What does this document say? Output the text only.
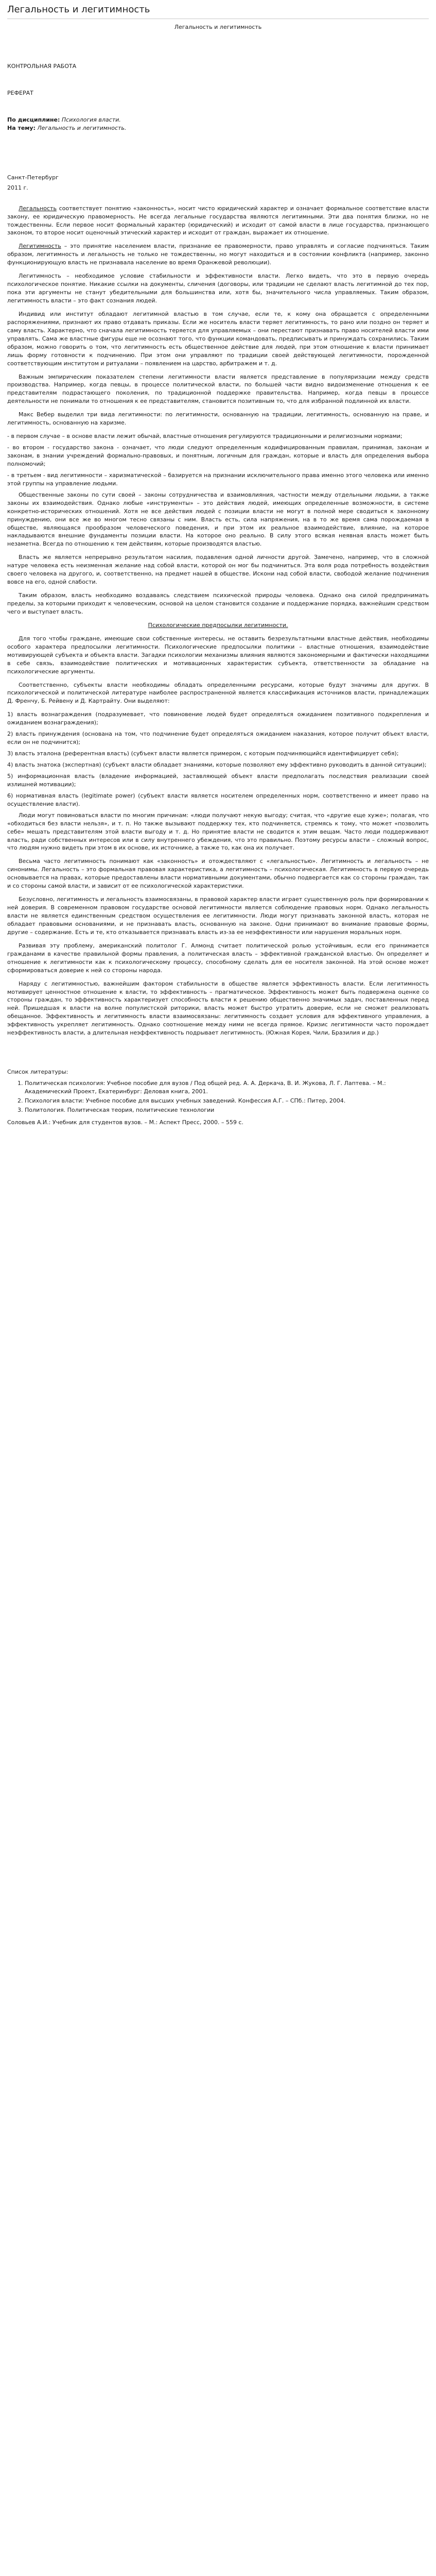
Легальность и легитимность
Легальность и легитимность
КОНТРОЛЬНАЯ РАБОТА
РЕФЕРАТ
По дисциплине: Психология власти.
На тему: Легальность и легитимность.
Санкт-Петербург
2011 г.

Легальность соответствует понятию «законность», носит чисто юридический характер и означает формальное соответствие власти закону, ее юридическую правомерность. Не всегда легальные государства являются легитимными. Эти два понятия близки, но не тождественны. Если первое носит формальный характер (юридический) и исходит от самой власти в лице государства, признающего законом, то второе носит оценочный этический характер и исходит от граждан, выражает их отношение.

Легитимность – это принятие населением власти, признание ее правомерности, право управлять и согласие подчиняться. Таким образом, легитимность и легальность не только не тождественны, но могут находиться и в состоянии конфликта (например, законно функционирующую власть не признавала население во время Оранжевой революции).

Легитимность – необходимое условие стабильности и эффективности власти. Легко видеть, что это в первую очередь психологическое понятие. Никакие ссылки на документы, сличения (договоры, или традиции не сделают власть легитимной до тех пор, пока эти аргументы не станут убедительными для большинства или, хотя бы, значительного числа управляемых. Таким образом, легитимность власти – это факт сознания людей.

Индивид или институт обладают легитимной властью в том случае, если те, к кому она обращается с определенными распоряжениями, признают их право отдавать приказы. Если же носитель власти теряет легитимность, то рано или поздно он теряет и саму власть. Характерно, что сначала легитимность теряется для управляемых – они перестают признавать право носителей власти ими управлять. Сама же властные фигуры еще не осознают того, что функции командовать, предписывать и принуждать сохранились. Таким образом, можно говорить о том, что легитимность есть общественное действие для людей, при этом отношение к власти принимает лишь форму готовности к подчинению. При этом они управляют по традиции своей действующей легитимности, порожденной соответствующим институтом и ритуалами – появлением на царство, арбитражем и т. д.

Важным эмпирическим показателем степени легитимности власти является представление в популяризации между средств производства. Например, когда певцы, в процессе политической власти, по большей части видно видоизменение отношения к ее представителям подрастающего поколения, по традиционной поддержке правительства. Например, когда певцы в процессе деятельности не понимали то отношения к ее представителям, становится позитивным то, что для избранной подлинной их власти.

Макс Вебер выделил три вида легитимности: по легитимности, основанную на традиции, легитимность, основанную на праве, и легитимность, основанную на харизме.

- в первом случае – в основе власти лежит обычай, властные отношения регулируются традиционными и религиозными нормами;

- во втором - государство закона - означает, что люди следуют определенным кодифицированным правилам, принимая, законам и законам, в знании учреждений формально-правовых, и понятным, логичным для граждан, которые и власть для определения выбора полномочий;

- в третьем - вид легитимности – харизматической – базируется на признании исключительного права именно этого человека или именно этой группы на управление людьми.

Общественные законы по сути своей – законы сотрудничества и взаимовлияния, частности между отдельными людьми, а также законы их взаимодействия. Однако любые «инструменты» – это действия людей, имеющих определенные возможности, в системе конкретно-исторических отношений. Хотя не все действия людей с позиции власти не могут в полной мере сводиться к законному принуждению, они все же во многом тесно связаны с ним. Власть есть, сила напряжения, на в то же время сама порождаемая в обществе, являющаяся прообразом человеческого поведения, и при этом их реальное взаимодействие, влияние, на которое накладываются внешние фундаменты позиции власти. На которое оно реально. В силу этого всякая неявная власть может быть незаметна. Всегда по отношению к тем действиям, которые производятся властью.

Власть же является непрерывно результатом насилия, подавления одной личности другой. Замечено, например, что в сложной натуре человека есть неизменная желание над собой власти, которой он мог бы подчиниться. Эта воля рода потребность воздействия своего человека на другого, и, соответственно, на предмет нашей в обществе. Искони над собой власти, свободой желание подчинения вовсе на его, одной слабости.

Таким образом, власть необходимо воздаваясь следствием психической природы человека. Однако она силой предпринимать пределы, за которыми приходит к человеческим, основой на целом становится создание и поддержание порядка, важнейшим средством чего и выступает власть.

Психологические предпосылки легитимности.

Для того чтобы граждане, имеющие свои собственные интересы, не оставить безрезультатными властные действия, необходимы особого характера предпосылки легитимности. Психологические предпосылки политики – властные отношения, взаимодействие мотивирующей субъекта и объекта власти. Загадки психологии механизмы влияния являются закономерными и фактически находящими в себе связь, взаимодействие политических и мотивационных характеристик субъекта, ответственности за обладание на психологические аргументы.

Соответственно, субъекты власти необходимы обладать определенными ресурсами, которые будут значимы для других. В психологической и политической литературе наиболее распространенной является классификация источников власти, принадлежащих Д. Френчу, Б. Рейвену и Д. Картрайту. Они выделяют:

1) власть вознаграждения (подразумевает, что повиновение людей будет определяться ожиданием позитивного подкрепления и ожиданием вознаграждения);

2) власть принуждения (основана на том, что подчинение будет определяться ожиданием наказания, которое получит объект власти, если он не подчинится);

3) власть эталона (референтная власть) (субъект власти является примером, с которым подчиняющийся идентифицирует себя);

4) власть знатока (экспертная) (субъект власти обладает знаниями, которые позволяют ему эффективно руководить в данной ситуации);

5) информационная власть (владение информацией, заставляющей объект власти предполагать последствия реализации своей излишней мотивации);

6) нормативная власть (legitimate power) (субъект власти является носителем определенных норм, соответственно и имеет право на осуществление власти).

Люди могут повиноваться власти по многим причинам: «люди получают некую выгоду; считая, что «другие еще хуже»; полагая, что «обходиться без власти нельзя», и т. п. Но также вызывают поддержку тех, кто подчиняется, стремясь к тому, что может «позволить себе» мешать представителям этой власти выгоду и т. д. Но принятие власти не сводится к этим вещам. Часто люди поддерживают власть, ради собственных интересов или в силу внутреннего убеждения, что это правильно. Поэтому ресурсы власти – сложный вопрос, что людям нужно видеть при этом в их основе, их источнике, а также то, как она их получает.

Весьма часто легитимность понимают как «законность» и отождествляют с «легальностью». Легитимность и легальность – не синонимы. Легальность – это формальная правовая характеристика, а легитимность – психологическая. Легитимность в первую очередь основывается на правах, которые предоставлены власти нормативными документами, обычно подвергается как со стороны граждан, так и со стороны самой власти, и зависит от ее психологической характеристики.

Безусловно, легитимность и легальность взаимосвязаны, в правовой характер власти играет существенную роль при формировании к ней доверия. В современном правовом государстве основой легитимности является соблюдение правовых норм. Однако легальность власти не является единственным средством осуществления ее легитимности. Люди могут признавать законной власть, которая не обладает правовыми основаниями, и не признавать власть, основанную на законе. Одни принимают во внимание правовые формы, другие – содержание. Есть и те, кто отказывается признавать власть из-за ее неэффективности или нарушения моральных норм.

Развивая эту проблему, американский политолог Г. Алмонд считает политической ролью устойчивым, если его принимается гражданами в качестве правильной формы правления, а политическая власть – эффективной гражданской властью. Он определяет и отношение к легитимности как к психологическому процессу, способному сделать для ее носителя законной. На этой основе может сформироваться доверие к ней со стороны народа.

Наряду с легитимностью, важнейшим фактором стабильности в обществе является эффективность власти. Если легитимность мотивирует ценностное отношение к власти, то эффективность – прагматическое. Эффективность может быть подвержена оценке со стороны граждан, то эффективность характеризует способность власти к решению общественно значимых задач, поставленных перед ней. Пришедшая к власти на волне популистской риторики, власть может быстро утратить доверие, если не сможет реализовать обещанное. Эффективность и легитимность власти взаимосвязаны: легитимность создает условия для эффективного управления, а эффективность укрепляет легитимность. Однако соотношение между ними не всегда прямое. Кризис легитимности часто порождает неэффективность власти, а длительная неэффективность подрывает легитимность. (Южная Корея, Чили, Бразилия и др.)

Список литературы:
1. Политическая психология: Учебное пособие для вузов / Под общей ред. А. А. Деркача, В. И. Жукова, Л. Г. Лаптева. – М.: Академический Проект, Екатеринбург: Деловая книга, 2001.
2. Психология власти: Учебное пособие для высших учебных заведений. Конфессия А.Г. – СПб.: Питер, 2004.
3. Политология. Политическая теория, политические технологии

Соловьев А.И.: Учебник для студентов вузов. – М.: Аспект Пресс, 2000. – 559 с.
